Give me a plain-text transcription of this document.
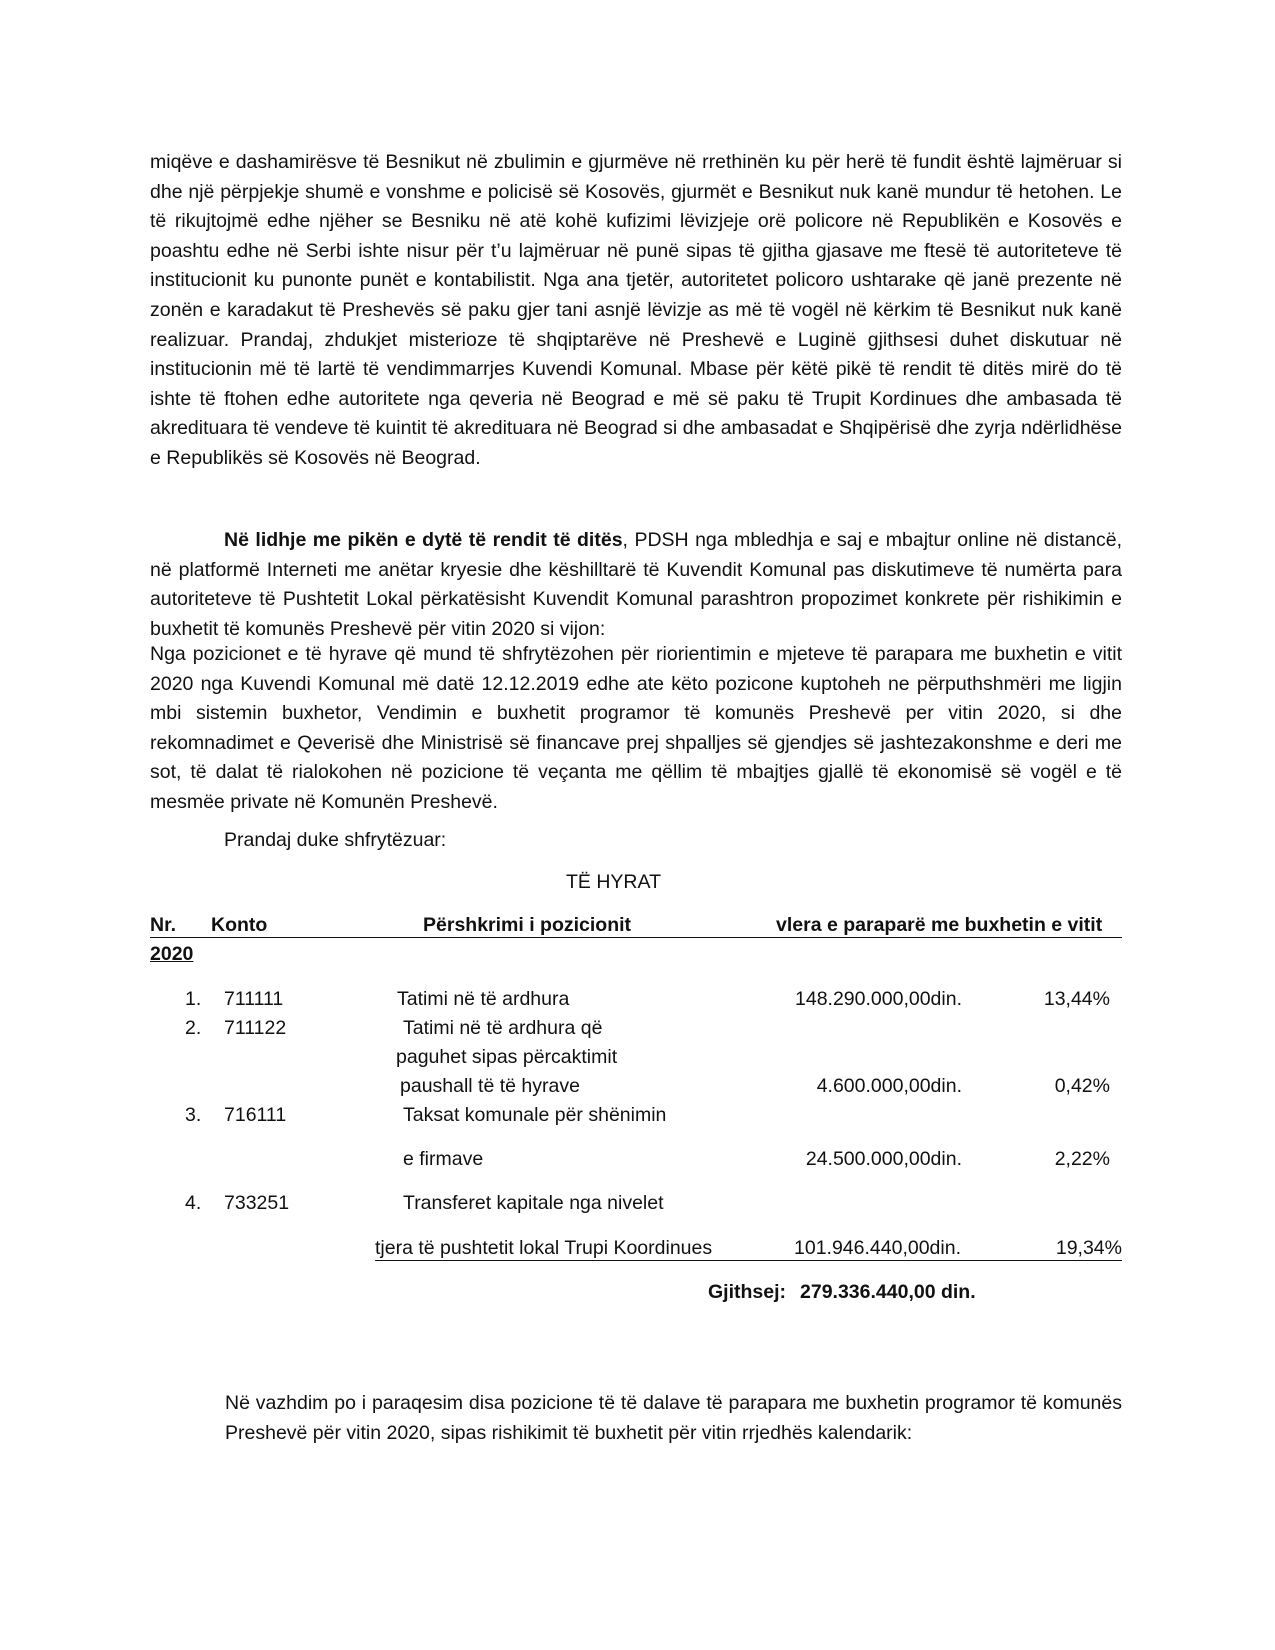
miqëve e dashamirësve të Besnikut në zbulimin e gjurmëve në rrethinën ku për herë të fundit është lajmëruar si dhe një përpjekje shumë e vonshme e policisë së Kosovës, gjurmët e Besnikut nuk kanë mundur të hetohen. Le të rikujtojmë edhe njëher se Besniku në atë kohë kufizimi lëvizjeje orë policore në Republikën e Kosovës e poashtu edhe në Serbi ishte nisur për t’u lajmëruar në punë sipas të gjitha gjasave me ftesë të autoriteteve të institucionit ku punonte punët e kontabilistit. Nga ana tjetër, autoritetet policoro ushtarake që janë prezente në zonën e karadakut të Preshevës së paku gjer tani asnjë lëvizje as më të vogël në kërkim të Besnikut nuk kanë realizuar. Prandaj, zhdukjet misterioze të shqiptarëve në Preshevë e Luginë gjithsesi duhet diskutuar në institucionin më të lartë të vendimmarrjes Kuvendi Komunal. Mbase për këtë pikë të rendit të ditës mirë do të ishte të ftohen edhe autoritete nga qeveria në Beograd e më së paku të Trupit Kordinues dhe ambasada të akredituara të vendeve të kuintit të akredituara në Beograd si dhe ambasadat e Shqipërisë dhe zyrja ndërlidhëse e Republikës së Kosovës në Beograd.

Në lidhje me pikën e dytë të rendit të ditës, PDSH nga mbledhja e saj e mbajtur online në distancë, në platformë Interneti me anëtar kryesie dhe këshilltarë të Kuvendit Komunal pas diskutimeve të numërta para autoriteteve të Pushtetit Lokal përkatësisht Kuvendit Komunal parashtron propozimet konkrete për rishikimin e buxhetit të komunës Preshevë për vitin 2020 si vijon:

Nga pozicionet e të hyrave që mund të shfrytëzohen për riorientimin e mjeteve të parapara me buxhetin e vitit 2020 nga Kuvendi Komunal më datë 12.12.2019 edhe ate këto pozicone kuptoheh ne përputhshmëri me ligjin mbi sistemin buxhetor, Vendimin e buxhetit programor të komunës Preshevë per vitin 2020, si dhe rekomnadimet e Qeverisë dhe Ministrisë së financave prej shpalljes së gjendjes së jashtezakonshme e deri me sot, të dalat të rialokohen në pozicione të veçanta me qëllim të mbajtjes gjallë të ekonomisë së vogël e të mesmëe private në Komunën Preshevë.

Prandaj duke shfrytëzuar:
TË HYRAT
Nr. Konto	Përshkrimi i pozicionit	vlera e paraparë me buxhetin e vitit
2020
1. 711111	Tatimi në të ardhura	148.290.000,00din.	13,44%
2. 711122	Tatimi në të ardhura që
paguhet sipas përcaktimit
paushall të të hyrave	4.600.000,00din.	0,42%
3. 716111	Taksat komunale për shënimin
e firmave	24.500.000,00din.	2,22%
4. 733251	Transferet kapitale nga nivelet
tjera të pushtetit lokal Trupi Koordinues	101.946.440,00din.	19,34%
Gjithsej: 279.336.440,00 din.

Në vazhdim po i paraqesim disa pozicione të të dalave të parapara me buxhetin programor të komunës Preshevë për vitin 2020, sipas rishikimit të buxhetit për vitin rrjedhës kalendarik:
